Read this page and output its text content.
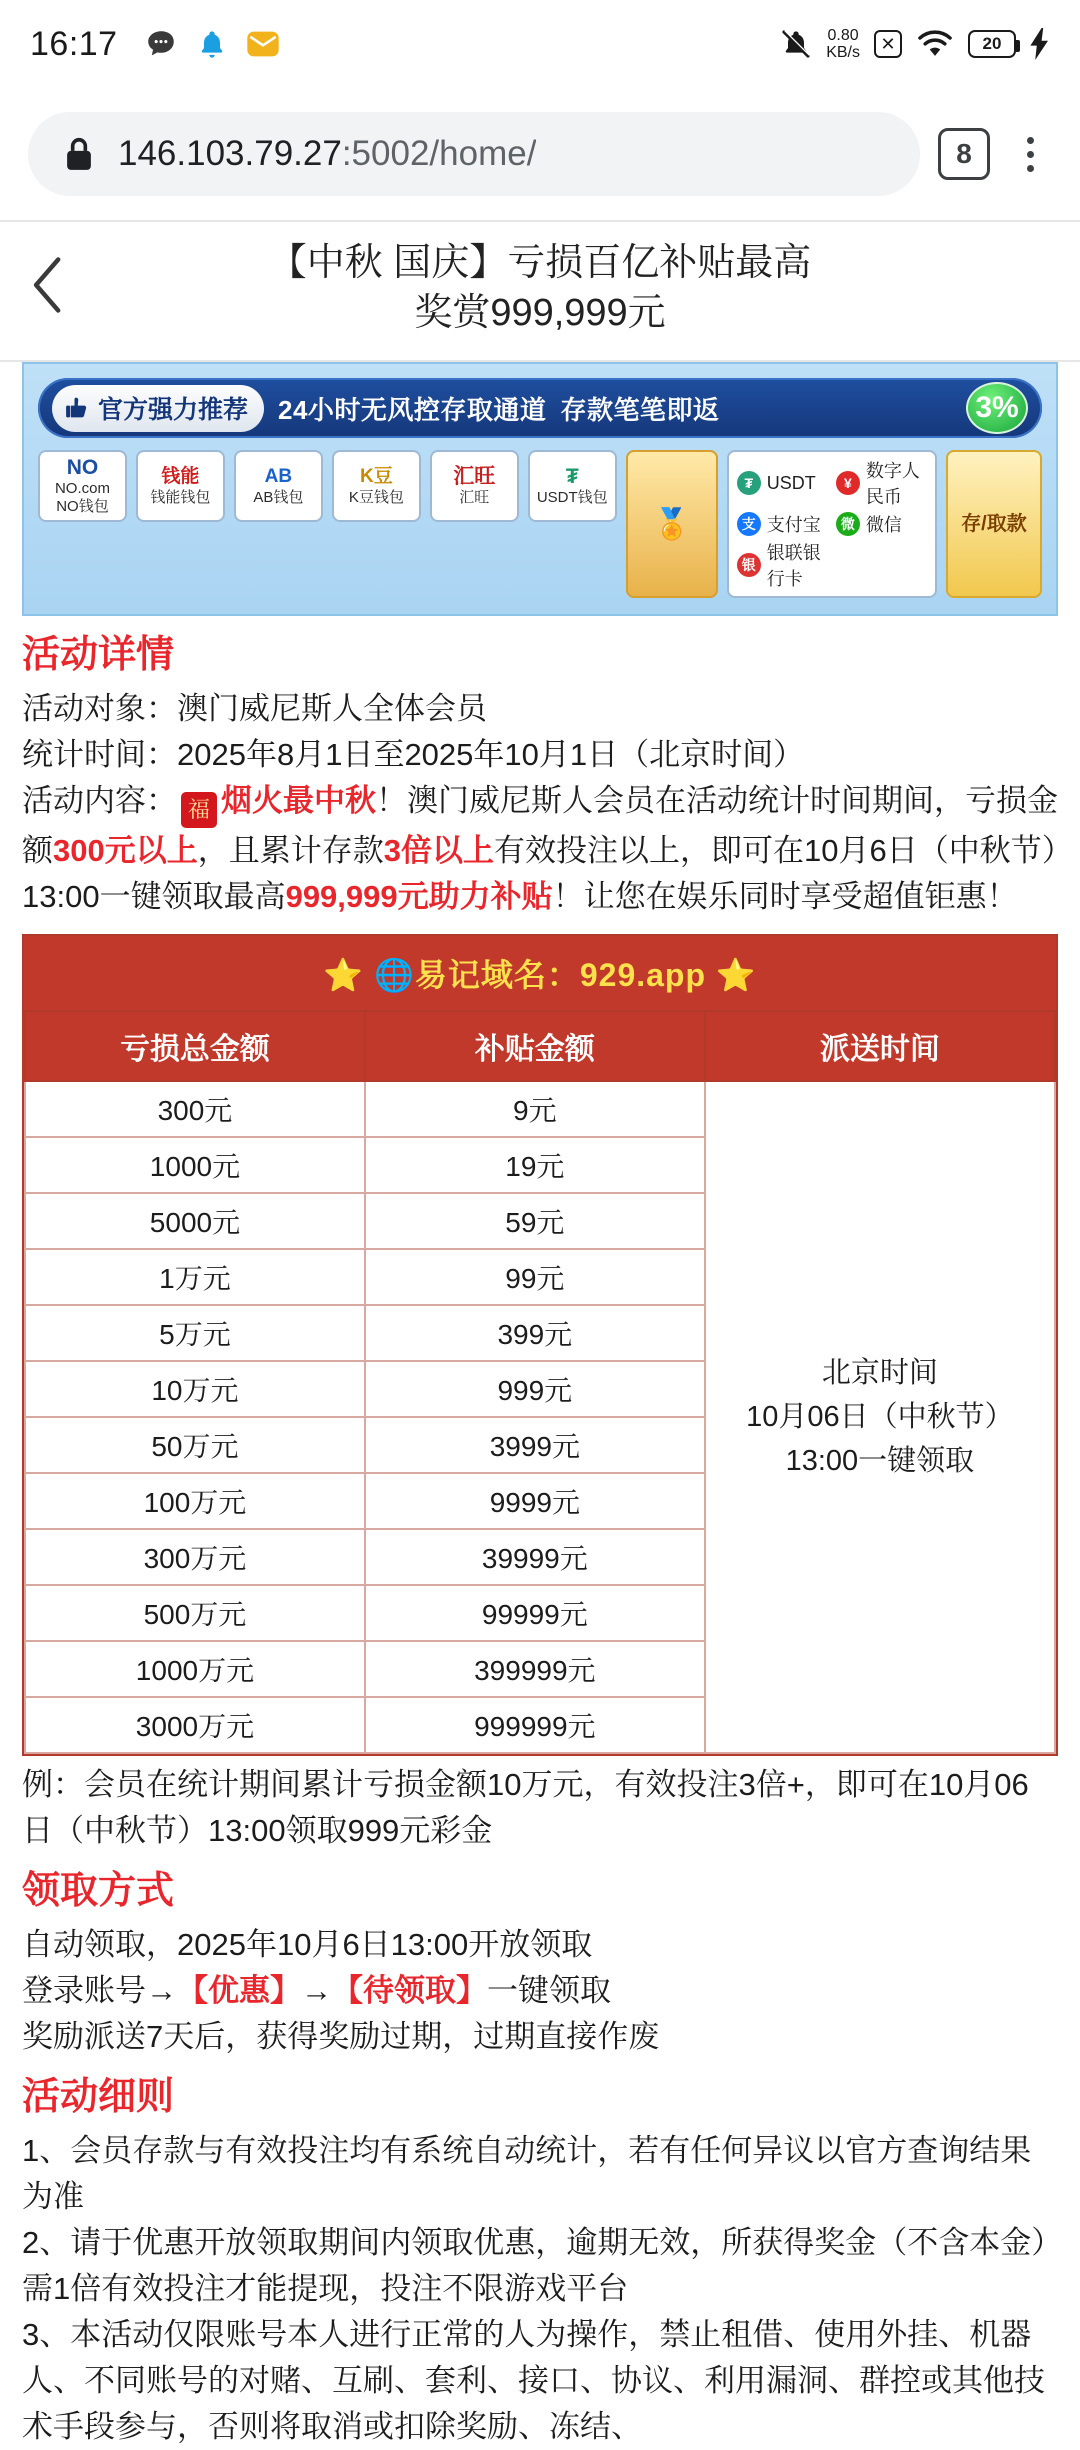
16:17	0.80
KB/s	✕	20
146.103.79.27:5002/home/	8
【中秋 国庆】亏损百亿补贴最高
奖赏999,999元
官方强力推荐 24小时无风控存取通道 存款笔笔即返	3%
NO
NO.com
NO钱包
钱能
钱能钱包
AB
AB钱包
K豆
K豆钱包
汇旺
汇旺
₮
USDT钱包
🏅
₮ USDT	¥
数字人民币
支 支付宝	微 微信
银
银联银行卡
存/取款
活动详情

活动对象：澳门威尼斯人全体会员

统计时间：2025年8月1日至2025年10月1日（北京时间）

活动内容： 福 烟火最中秋！澳门威尼斯人会员在活动统计时间期间，亏损金额300元以上，且累计存款3倍以上有效投注以上，即可在10月6日（中秋节）13:00一键领取最高999,999元助力补贴！让您在娱乐同时享受超值钜惠！

⭐ 🌐易记域名：929.app ⭐
亏损总金额	补贴金额	派送时间
300元	9元	北京时间
10月06日（中秋节）
13:00一键领取

1000元	19元	
5000元	59元	
1万元	99元	
5万元	399元	
10万元	999元	
50万元	3999元	
100万元	9999元	
300万元	39999元	
500万元	99999元	
1000万元	399999元	
3000万元	999999元	

例：会员在统计期间累计亏损金额10万元，有效投注3倍+，即可在10月06日（中秋节）13:00领取999元彩金

领取方式

自动领取，2025年10月6日13:00开放领取

登录账号→【优惠】→【待领取】一键领取

奖励派送7天后，获得奖励过期，过期直接作废

活动细则

1、会员存款与有效投注均有系统自动统计，若有任何异议以官方查询结果为准

2、请于优惠开放领取期间内领取优惠，逾期无效，所获得奖金（不含本金）需1倍有效投注才能提现，投注不限游戏平台

3、本活动仅限账号本人进行正常的人为操作，禁止租借、使用外挂、机器人、不同账号的对赌、互刷、套利、接口、协议、利用漏洞、群控或其他技术手段参与，否则将取消或扣除奖励、冻结、
